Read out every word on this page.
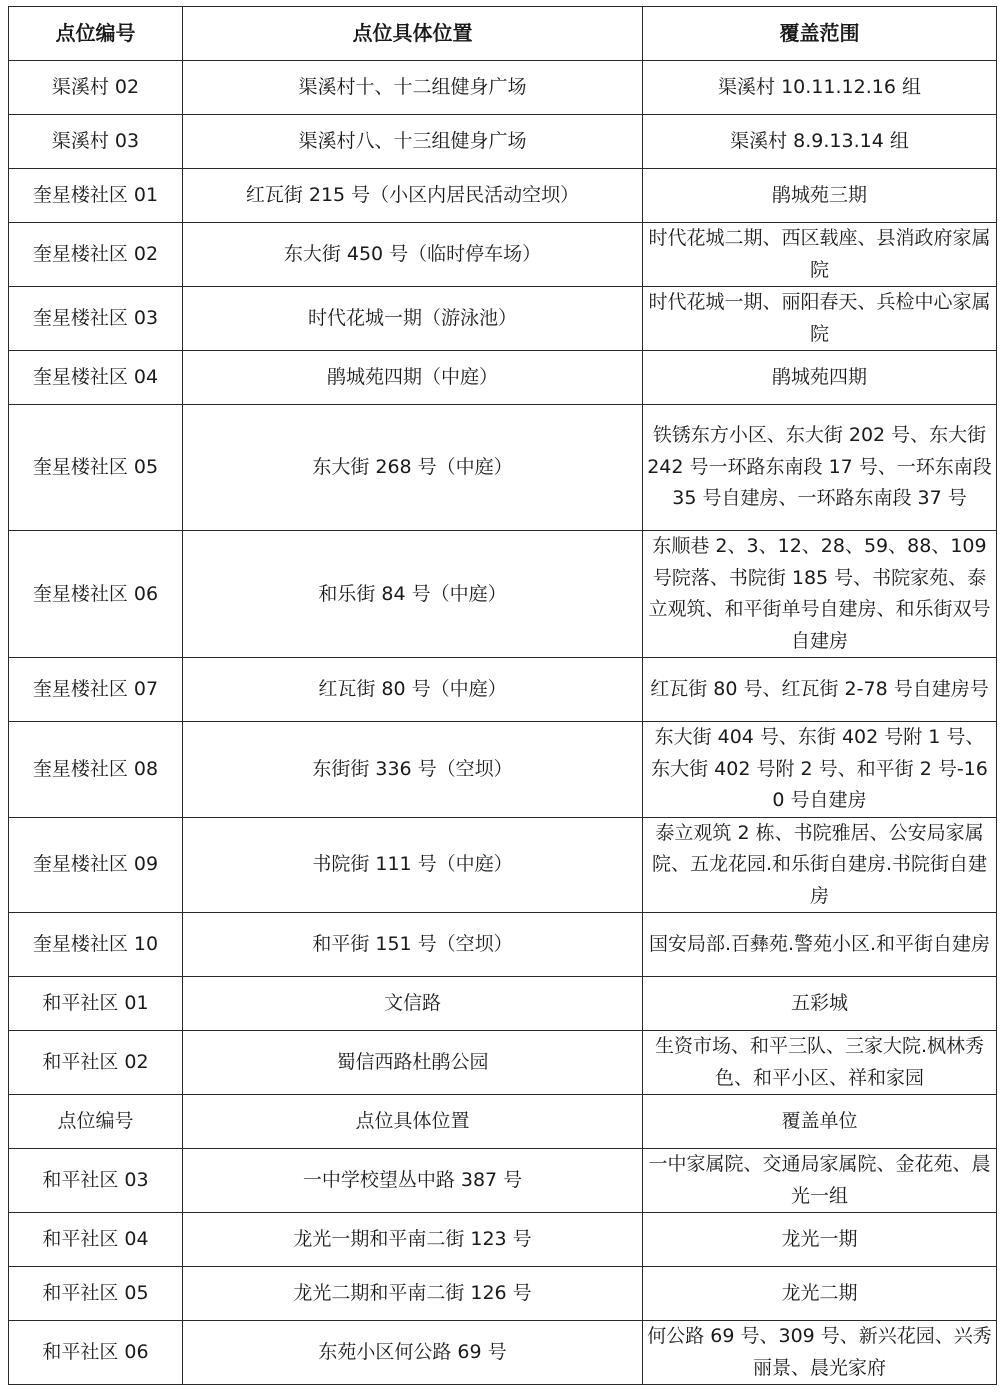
点位编号	点位具体位置	覆盖范围
渠溪村 02	渠溪村十、十二组健身广场	渠溪村 10.11.12.16 组
渠溪村 03	渠溪村八、十三组健身广场	渠溪村 8.9.13.14 组
奎星楼社区 01	红瓦街 215 号（小区内居民活动空坝）	鹃城苑三期
奎星楼社区 02	东大街 450 号（临时停车场）	时代花城二期、西区载座、县消政府家属院
奎星楼社区 03	时代花城一期（游泳池）	时代花城一期、丽阳春天、兵检中心家属院
奎星楼社区 04	鹃城苑四期（中庭）	鹃城苑四期
奎星楼社区 05	东大街 268 号（中庭）	铁锈东方小区、东大街 202 号、东大街 242 号一环路东南段 17 号、一环东南段 35 号自建房、一环路东南段 37 号
奎星楼社区 06	和乐街 84 号（中庭）	东顺巷 2、3、12、28、59、88、109 号院落、书院街 185 号、书院家苑、泰立观筑、和平街单号自建房、和乐街双号自建房
奎星楼社区 07	红瓦街 80 号（中庭）	红瓦街 80 号、红瓦街 2-78 号自建房号
奎星楼社区 08	东街街 336 号（空坝）	东大街 404 号、东街 402 号附 1 号、东大街 402 号附 2 号、和平街 2 号-160 号自建房
奎星楼社区 09	书院街 111 号（中庭）	泰立观筑 2 栋、书院雅居、公安局家属院、五龙花园.和乐街自建房.书院街自建房
奎星楼社区 10	和平街 151 号（空坝）	国安局部.百彝苑.警苑小区.和平街自建房
和平社区 01	文信路	五彩城
和平社区 02	蜀信西路杜鹃公园	生资市场、和平三队、三家大院.枫林秀色、和平小区、祥和家园
点位编号	点位具体位置	覆盖单位
和平社区 03	一中学校望丛中路 387 号	一中家属院、交通局家属院、金花苑、晨光一组
和平社区 04	龙光一期和平南二街 123 号	龙光一期
和平社区 05	龙光二期和平南二街 126 号	龙光二期
和平社区 06	东苑小区何公路 69 号	何公路 69 号、309 号、新兴花园、兴秀丽景、晨光家府
